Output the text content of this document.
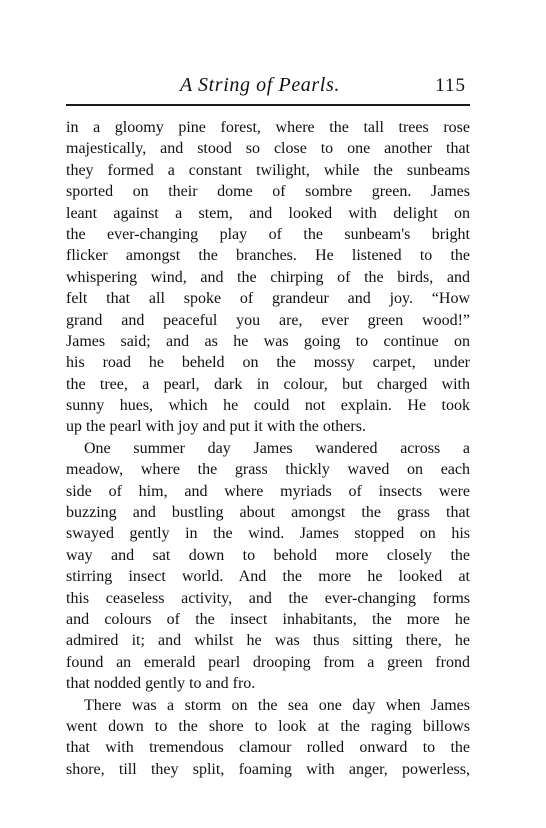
A String of Pearls.	115
in a gloomy pine forest, where the tall trees rose
majestically, and stood so close to one another that
they formed a constant twilight, while the sunbeams
sported on their dome of sombre green. James
leant against a stem, and looked with delight on
the ever-changing play of the sunbeam's bright
flicker amongst the branches. He listened to the
whispering wind, and the chirping of the birds, and
felt that all spoke of grandeur and joy. “How
grand and peaceful you are, ever green wood!”
James said; and as he was going to continue on
his road he beheld on the mossy carpet, under
the tree, a pearl, dark in colour, but charged with
sunny hues, which he could not explain. He took
up the pearl with joy and put it with the others.
One summer day James wandered across a
meadow, where the grass thickly waved on each
side of him, and where myriads of insects were
buzzing and bustling about amongst the grass that
swayed gently in the wind. James stopped on his
way and sat down to behold more closely the
stirring insect world. And the more he looked at
this ceaseless activity, and the ever-changing forms
and colours of the insect inhabitants, the more he
admired it; and whilst he was thus sitting there, he
found an emerald pearl drooping from a green frond
that nodded gently to and fro.
There was a storm on the sea one day when James
went down to the shore to look at the raging billows
that with tremendous clamour rolled onward to the
shore, till they split, foaming with anger, powerless,
